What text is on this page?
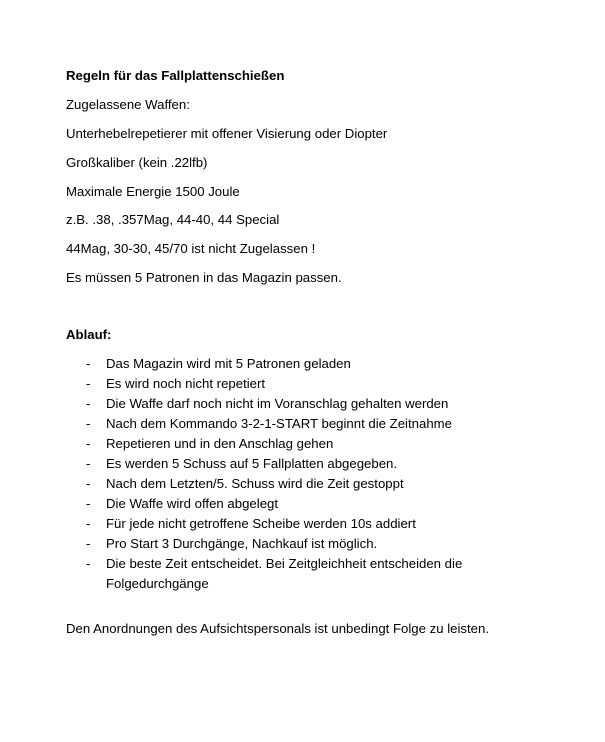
Regeln für das Fallplattenschießen
Zugelassene Waffen:
Unterhebelrepetierer mit offener Visierung oder Diopter
Großkaliber (kein .22lfb)
Maximale Energie 1500 Joule
z.B. .38, .357Mag, 44-40, 44 Special
44Mag, 30-30, 45/70 ist nicht Zugelassen !
Es müssen 5 Patronen in das Magazin passen.
Ablauf:
- Das Magazin wird mit 5 Patronen geladen
- Es wird noch nicht repetiert
- Die Waffe darf noch nicht im Voranschlag gehalten werden
- Nach dem Kommando 3-2-1-START beginnt die Zeitnahme
- Repetieren und in den Anschlag gehen
- Es werden 5 Schuss auf 5 Fallplatten abgegeben.
- Nach dem Letzten/5. Schuss wird die Zeit gestoppt
- Die Waffe wird offen abgelegt
- Für jede nicht getroffene Scheibe werden 10s addiert
- Pro Start 3 Durchgänge, Nachkauf ist möglich.
- Die beste Zeit entscheidet. Bei Zeitgleichheit entscheiden die Folgedurchgänge
Den Anordnungen des Aufsichtspersonals ist unbedingt Folge zu leisten.
